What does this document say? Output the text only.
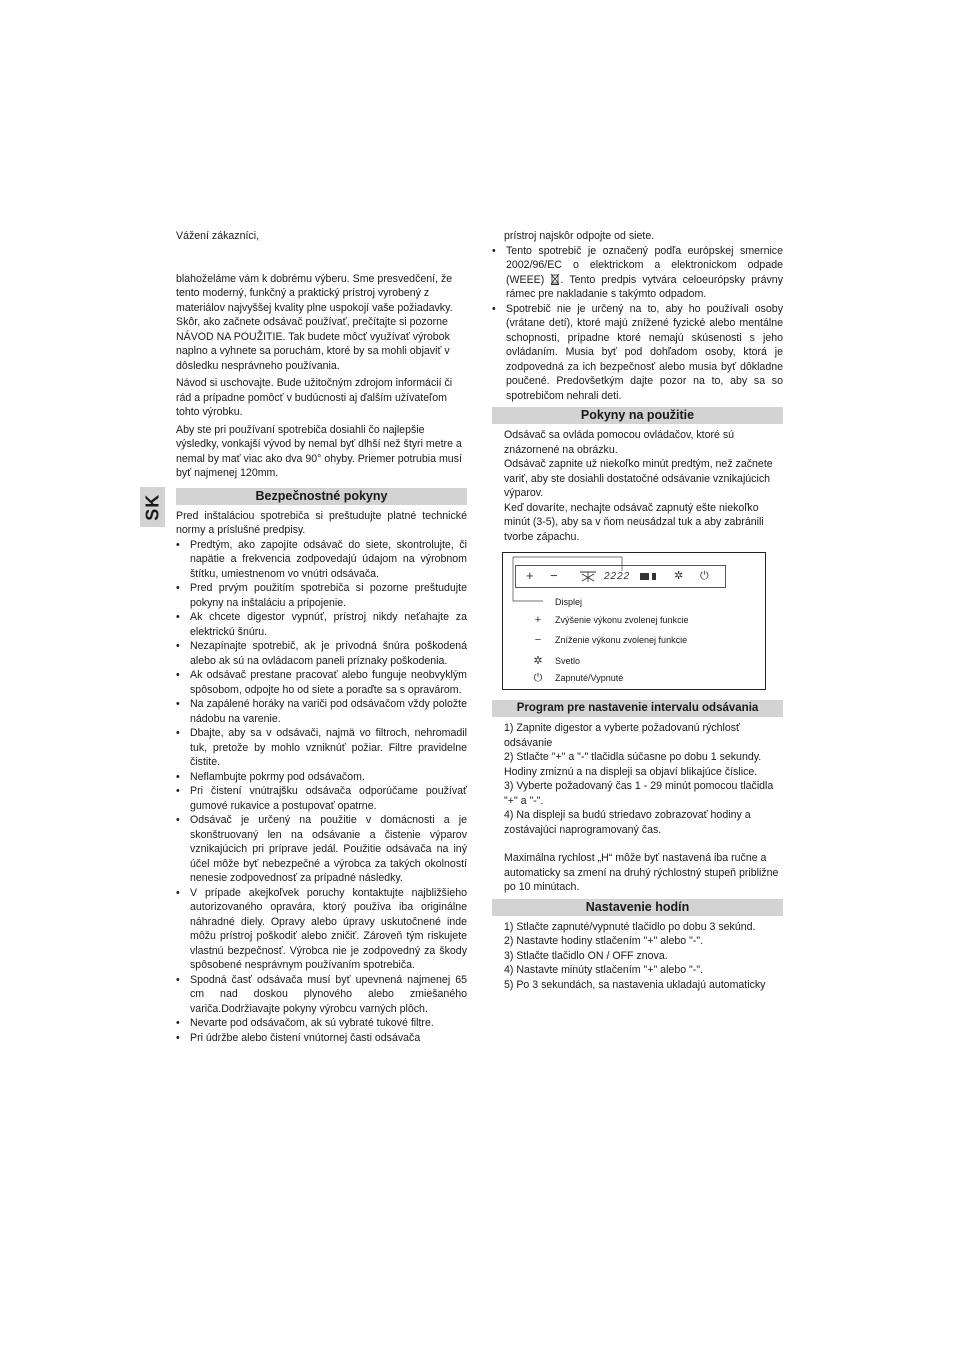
SK

Vážení zákazníci,

blahoželáme vám k dobrému výberu. Sme presvedčení, že tento moderný, funkčný a praktický prístroj vyrobený z materiálov najvyššej kvality plne uspokojí vaše požiadavky. Skôr, ako začnete odsávač používať, prečítajte si pozorne NÁVOD NA POUŽITIE. Tak budete môcť využívať výrobok naplno a vyhnete sa poruchám, ktoré by sa mohli objaviť v dôsledku nesprávneho používania.

Návod si uschovajte. Bude užitočným zdrojom informácií či rád a prípadne pomôcť v budúcnosti aj ďalším užívateľom tohto výrobku.

Aby ste pri používaní spotrebiča dosiahli čo najlepšie výsledky, vonkajší vývod by nemal byť dlhší než štyri metre a nemal by mať viac ako dva 90° ohyby. Priemer potrubia musí byť najmenej 120mm.

Bezpečnostné pokyny

Pred inštaláciou spotrebiča si preštudujte platné technické normy a príslušné predpisy.

• Predtým, ako zapojíte odsávač do siete, skontrolujte, či napätie a frekvencia zodpovedajú údajom na výrobnom štítku, umiestnenom vo vnútri odsávača.
• Pred prvým použitím spotrebiča si pozorne preštudujte pokyny na inštaláciu a pripojenie.
• Ak chcete digestor vypnúť, prístroj nikdy neťahajte za elektrickú šnúru.
• Nezapínajte spotrebič, ak je prívodná šnúra poškodená alebo ak sú na ovládacom paneli príznaky poškodenia.
• Ak odsávač prestane pracovať alebo funguje neobvyklým spôsobom, odpojte ho od siete a poraďte sa s opravárom.
• Na zapálené horáky na variči pod odsávačom vždy položte nádobu na varenie.
• Dbajte, aby sa v odsávači, najmä vo filtroch, nehromadil tuk, pretože by mohlo vzniknúť požiar. Filtre pravidelne čistite.
• Neflambujte pokrmy pod odsávačom.
• Pri čistení vnútrajšku odsávača odporúčame používať gumové rukavice a postupovať opatrne.
• Odsávač je určený na použitie v domácnosti a je skonštruovaný len na odsávanie a čistenie výparov vznikajúcich pri príprave jedál. Použitie odsávača na iný účel môže byť nebezpečné a výrobca za takých okolností nenesie zodpovednosť za prípadné následky.
• V prípade akejkoľvek poruchy kontaktujte najbližšieho autorizovaného opravára, ktorý používa iba originálne náhradné diely. Opravy alebo úpravy uskutočnené inde môžu prístroj poškodiť alebo zničiť. Zároveň tým riskujete vlastnú bezpečnosť. Výrobca nie je zodpovedný za škody spôsobené nesprávnym používaním spotrebiča.
• Spodná časť odsávača musí byť upevnená najmenej 65 cm nad doskou plynového alebo zmiešaného variča.Dodržiavajte pokyny výrobcu varných plôch.
• Nevarte pod odsávačom, ak sú vybraté tukové filtre.
• Pri údržbe alebo čistení vnútornej časti odsávača

prístroj najskôr odpojte od siete.

• Tento spotrebič je označený podľa európskej smernice 2002/96/EC o elektrickom a elektronickom odpade (WEEE) . Tento predpis vytvára celoeurópsky právny rámec pre nakladanie s takýmto odpadom.
• Spotrebič nie je určený na to, aby ho používali osoby (vrátane detí), ktoré majú znížené fyzické alebo mentálne schopnosti, prípadne ktoré nemajú skúsenosti s jeho ovládaním. Musia byť pod dohľadom osoby, ktorá je zodpovedná za ich bezpečnosť alebo musia byť dôkladne poučené. Predovšetkým dajte pozor na to, aby sa so spotrebičom nehrali deti.
Pokyny na použitie

Odsávač sa ovláda pomocou ovládačov, ktoré sú znázornené na obrázku.

Odsávač zapnite už niekoľko minút predtým, než začnete variť, aby ste dosiahli dostatočné odsávanie vznikajúcich výparov.

Keď dovaríte, nechajte odsávač zapnutý ešte niekoľko minút (3-5), aby sa v ňom neusádzal tuk a aby zabránili tvorbe zápachu.

+ −	2222	✲ ⏻
Displej
+	Zvýšenie výkonu zvolenej funkcie
−	Zníženie výkonu zvolenej funkcie
✲ Svetlo
⏻ Zapnuté/Vypnuté
Program pre nastavenie intervalu odsávania

1) Zapnite digestor a vyberte požadovanú rýchlosť odsávanie

2) Stlačte "+" a "-" tlačidla súčasne po dobu 1 sekundy. Hodiny zmiznú a na displeji sa objaví blikajúce číslice.

3) Vyberte požadovaný čas 1 - 29 minút pomocou tlačidla "+" a "-".

4) Na displeji sa budú striedavo zobrazovať hodiny a zostávajúci naprogramovaný čas.

Maximálna rychlost „H“ môže byť nastavená iba ručne a automaticky sa zmení na druhý rýchlostný stupeň približne po 10 minútach.

Nastavenie hodín

1) Stlačte zapnuté/vypnuté tlačidlo po dobu 3 sekúnd.

2) Nastavte hodiny stlačením "+" alebo "-".

3) Stlačte tlačidlo ON / OFF znova.

4) Nastavte minúty stlačením "+" alebo "-".

5) Po 3 sekundách, sa nastavenia ukladajú automaticky
